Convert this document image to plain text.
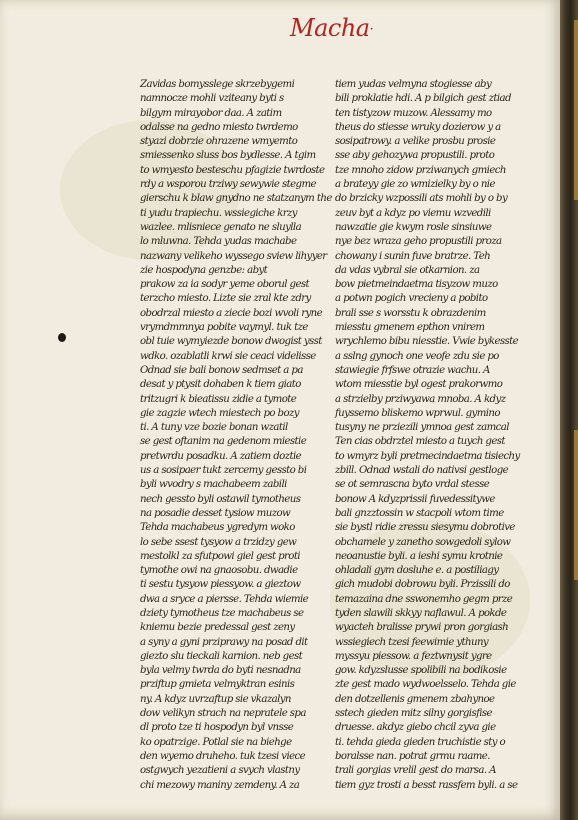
Macha·
Zavidas bomysslege skrzebygemi
namnocze mohli vziteany byti s
bilgym mirayobor daa. A zatim
odalsse na gedno miesto twrdemo
styazi dobrzie ohrazene wmyemto
smiessenko sluss bos bydlesse. A tgim
to wmyesto besteschu pfagizie twrdoste
rdy a wsporou trziwy sewywie stegme
gierschu k blaw gnydno ne statzanym the
ti yudu trapiechu. wssiegiche krzy
wazlee. mlisniece genato ne sluylla
lo mluwna. Tehda yudas machabe
nazwany velikeho wyssego sview lihyyer
zie hospodyna genzbe: abyt
prakow za ia sodyr yeme oborul gest
terzcho miesto. Lizte sie zral kte zdry
obodrzal miesto a ziecie bozi wvoli ryne
vrymdmmnya pobite vaymyl. tuk tze
obl tuie wymyiezde bonow dwogist ysst
wdko. ozablatli krwi sie ceaci videlisse
Odnad sie bali bonow sedmset a pa
desat y ptysit dohaben k tiem giato
tritzugri k bieatissu zidie a tymote
gie zagzie wtech miestech po bozy
ti. A tuny vze bozie bonan wzatil
se gest oftanim na gedenom miestie
pretwrdu posadku. A zatiem doztie
us a sosipaer tukt zercemy gessto bi
byli wvodry s machabeem zabili
nech gessto byli ostawil tymotheus
na posadie desset tysiow muzow
Tehda machabeus ygredym woko
lo sebe ssest tysyow a trzidzy gew
mestolkl za sfutpowi giel gest proti
tymothe owi na gnaosobu. dwadie
ti sestu tysyow piessyow. a gieztow
dwa a sryce a piersse. Tehda wiemie
dziety tymotheus tze machabeus se
kniemu bezie predessal gest zeny
a syny a gyni prziprawy na posad dit
giezto slu tieckali karnion. neb gest
byla velmy twrda do byti nesnadna
prziftup gmieta velmyktran esinis
ny. A kdyz uvrzaftup sie vkazalyn
dow velikyn strach na nepratele spa
dl proto tze ti hospodyn byl vnsse
ko opatrzige. Potlal sie na biehge
den wyemo druheho. tuk tzesi viece
ostgwych yezatieni a svych vlastny
chi mezowy maniny zemdeny. A za
tiem yudas velmyna stogiesse aby
bili proklatie hdi. A p bilgich gest ztiad
ten tistyzow muzow. Alessamy mo
theus do stiesse wruky dozierow y a
sosipatrowy. a velike prosbu prosie
sse aby gehozywa propustili. proto
tze mnoho zidow prziwanych gmiech
a brateyy gie zo wmizielky by o nie
do brzicky wzpossili ats mohli by o by
zeuv byt a kdyz po viemu wzvedili
nawzatie gie kwym rosle sinsiuwe
nye bez wraza geho propustili proza
chowany i sunin fuve bratrze. Teh
da vdas vybral sie otkarnion. za
bow pietmeindaetma tisyzow muzo
a potwn pogich vrecieny a pobito
brali sse s worsstu k obrazdenim
miesstu gmenem epthon vnirem
wrychlemo bibu niesstie. Vwie bykesste
a sslng gynoch one veofe zdu sie po
stawiegie frfswe otrazie wachu. A
wtom miesstie byl ogest prakorwmo
a strzielby prziwyawa mnoba. A kdyz
fuyssemo bliskemo wprwul. gymino
tusyny ne prziezili ymnoa gest zamcal
Ten cias obdrztel miesto a tuych gest
to wmyrz byli pretmecindaetma tisiechy
zbill. Odnad wstali do nativsi gestloge
se ot semrascna byto vrdal stesse
bonow A kdyzprissii fuvedessitywe
bali gnzztossin w stacpoli wtom time
sie bystl ridie zressu siesymu dobrotive
obchamele y zanetho sowgedoli sylow
neoanustie byli. a ieshi symu krotnie
ohladali gym dosluhe e. a postiliagy
gich mudobi dobrowu byli. Przissili do
temazaina dne sswonemho gegm prze
tyden slawili skkyy naflawul. A pokde
wyacteh bralisse prywi pron gorgiash
wssiegiech tzesi feewimie ythuny
myssyu piessow. a feztwnysit ygre
gow. kdyzslusse spolibili na bodikosie
zte gest mado wydwoelsselo. Tehda gie
den dotzellenis gmenem zbahynoe
sstech gieden mitz silny gorgisfise
druesse. akdyz giebo chcil zyva gie
ti. tehda gieda gieden truchistie sty o
boralsse nan. potrat grmu raame.
trali gorgias vrelil gest do marsa. A
tiem gyz trosti a besst rassfem byli. a se
